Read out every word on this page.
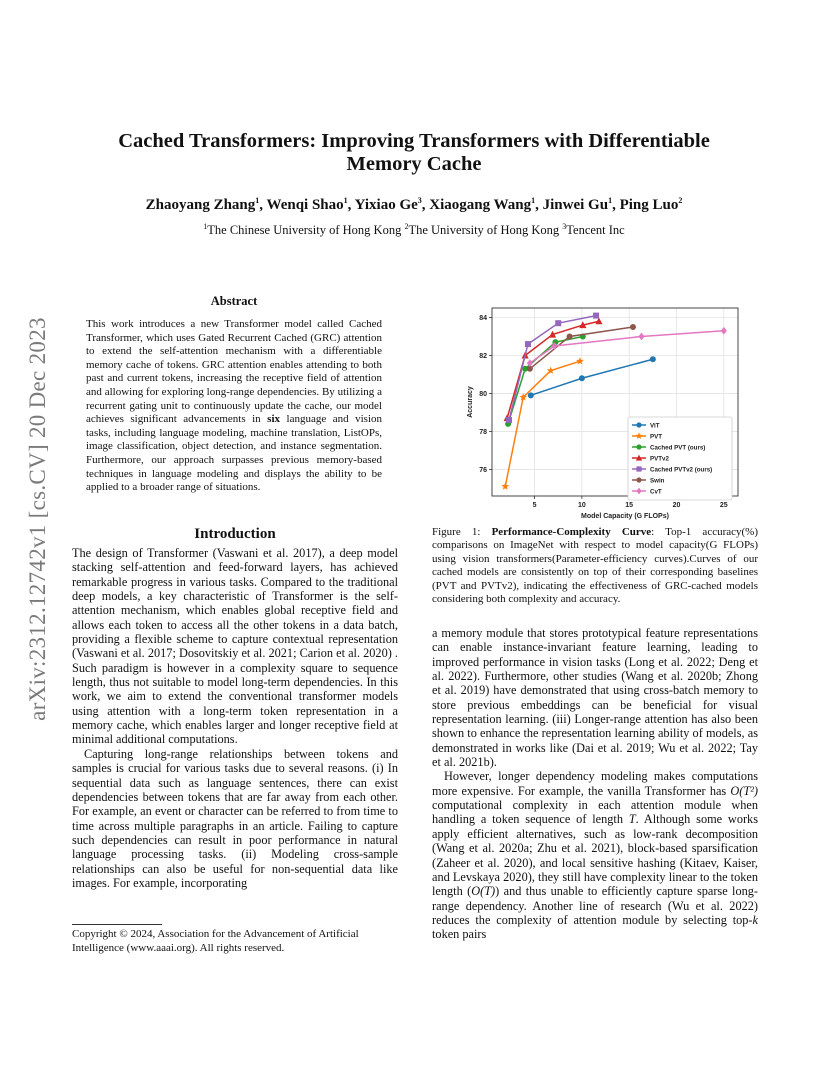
arXiv:2312.12742v1 [cs.CV] 20 Dec 2023
Cached Transformers: Improving Transformers with Differentiable Memory Cache
Zhaoyang Zhang$^1$, Wenqi Shao$^1$, Yixiao Ge$^3$, Xiaogang Wang$^1$, Jinwei Gu$^1$, Ping Luo$^2$
$^1$The Chinese University of Hong Kong $^2$The University of Hong Kong $^3$Tencent Inc
Abstract
This work introduces a new Transformer model called Cached Transformer, which uses Gated Recurrent Cached (GRC) attention to extend the self-attention mechanism with a differentiable memory cache of tokens. GRC attention enables attending to both past and current tokens, increasing the receptive field of attention and allowing for exploring long-range dependencies. By utilizing a recurrent gating unit to continuously update the cache, our model achieves significant advancements in six language and vision tasks, including language modeling, machine translation, ListOPs, image classification, object detection, and instance segmentation. Furthermore, our approach surpasses previous memory-based techniques in language modeling and displays the ability to be applied to a broader range of situations.
5	10	15	20	25
76
78
80
82
84
Model Capacity (G FLOPs)
Accuracy
ViT
PVT
Cached PVT (ours)
PVTv2
Cached PVTv2 (ours)
Swin
CvT
Figure 1: Performance-Complexity Curve: Top-1 accuracy(%) comparisons on ImageNet with respect to model capacity(G FLOPs) using vision transformers(Parameter-efficiency curves).Curves of our cached models are consistently on top of their corresponding baselines (PVT and PVTv2), indicating the effectiveness of GRC-cached models considering both complexity and accuracy.
Introduction
The design of Transformer (Vaswani et al. 2017), a deep model stacking self-attention and feed-forward layers, has achieved remarkable progress in various tasks. Compared to the traditional deep models, a key characteristic of Transformer is the self-attention mechanism, which enables global receptive field and allows each token to access all the other tokens in a data batch, providing a flexible scheme to capture contextual representation (Vaswani et al. 2017; Dosovitskiy et al. 2021; Carion et al. 2020) . Such paradigm is however in a complexity square to sequence length, thus not suitable to model long-term dependencies. In this work, we aim to extend the conventional transformer models using attention with a long-term token representation in a memory cache, which enables larger and longer receptive field at minimal additional computations.
Capturing long-range relationships between tokens and samples is crucial for various tasks due to several reasons. (i) In sequential data such as language sentences, there can exist dependencies between tokens that are far away from each other. For example, an event or character can be referred to from time to time across multiple paragraphs in an article. Failing to capture such dependencies can result in poor performance in natural language processing tasks. (ii) Modeling cross-sample relationships can also be useful for non-sequential data like images. For example, incorporating
Copyright © 2024, Association for the Advancement of Artificial Intelligence (www.aaai.org). All rights reserved.
a memory module that stores prototypical feature representations can enable instance-invariant feature learning, leading to improved performance in vision tasks (Long et al. 2022; Deng et al. 2022). Furthermore, other studies (Wang et al. 2020b; Zhong et al. 2019) have demonstrated that using cross-batch memory to store previous embeddings can be beneficial for visual representation learning. (iii) Longer-range attention has also been shown to enhance the representation learning ability of models, as demonstrated in works like (Dai et al. 2019; Wu et al. 2022; Tay et al. 2021b).
However, longer dependency modeling makes computations more expensive. For example, the vanilla Transformer has O(T²) computational complexity in each attention module when handling a token sequence of length T. Although some works apply efficient alternatives, such as low-rank decomposition (Wang et al. 2020a; Zhu et al. 2021), block-based sparsification (Zaheer et al. 2020), and local sensitive hashing (Kitaev, Kaiser, and Levskaya 2020), they still have complexity linear to the token length (O(T)) and thus unable to efficiently capture sparse long-range dependency. Another line of research (Wu et al. 2022) reduces the complexity of attention module by selecting top-k token pairs
